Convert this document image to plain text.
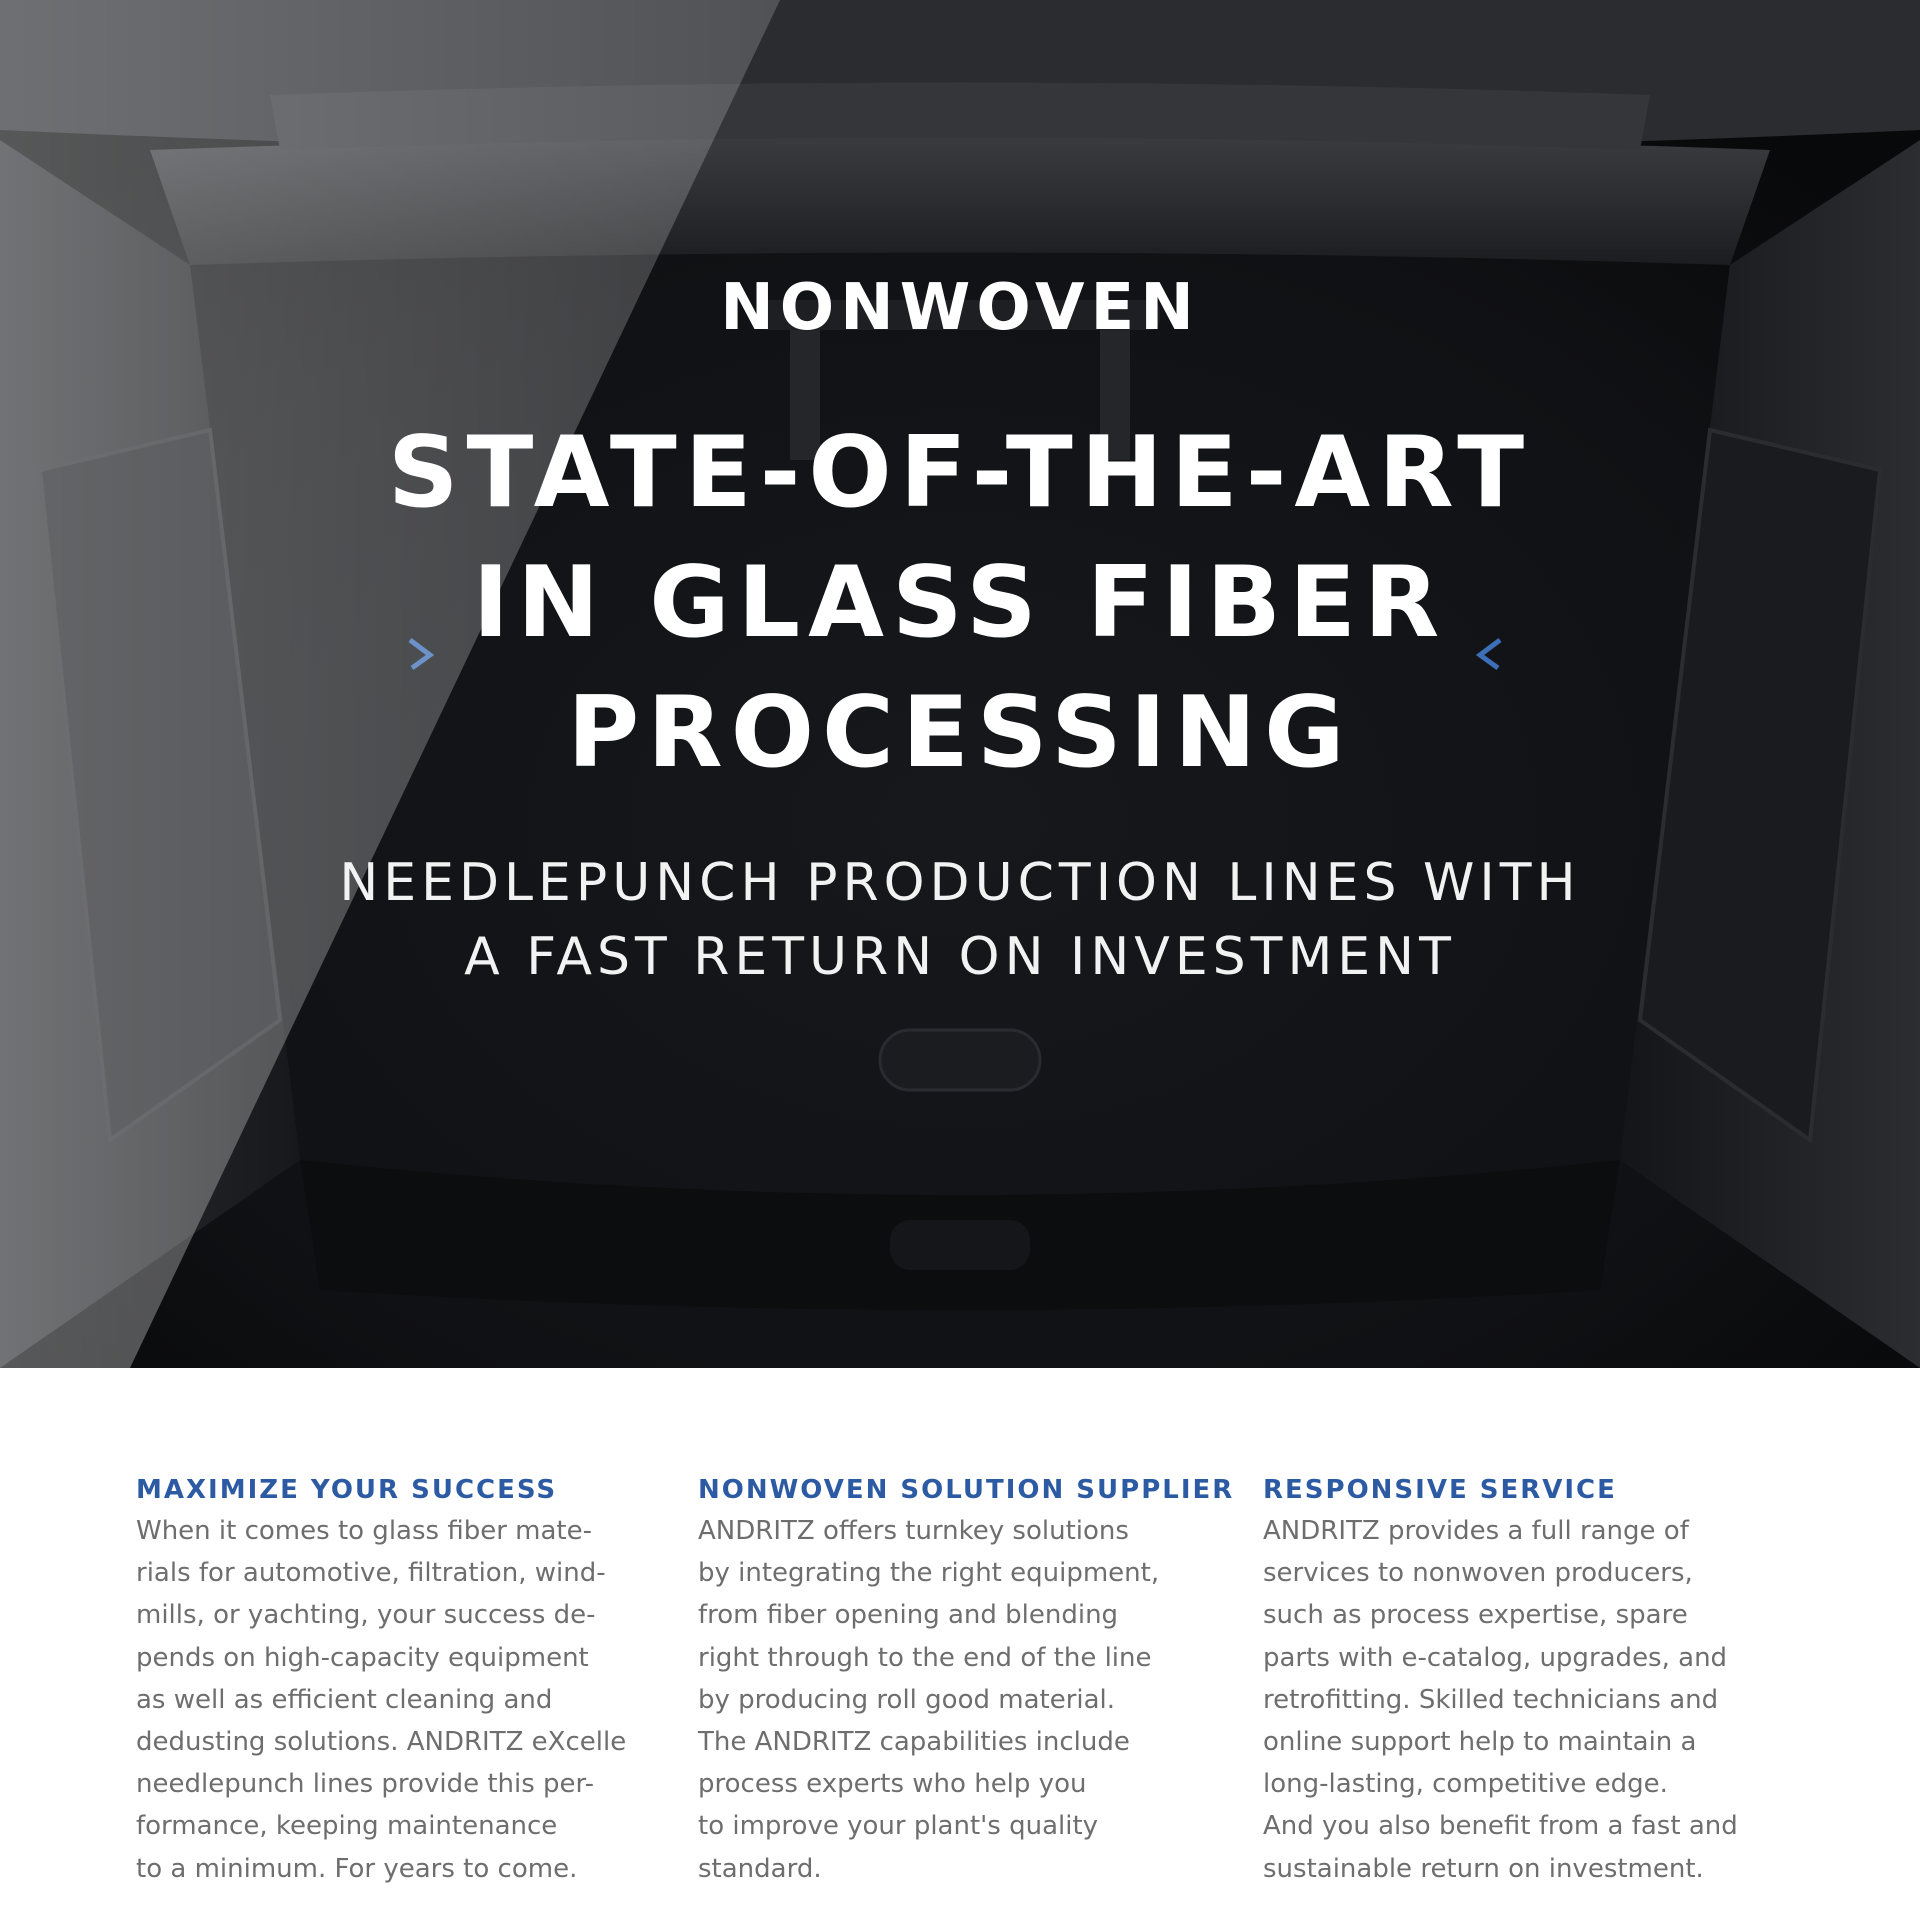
NONWOVEN
STATE-OF-THE-ART
IN GLASS FIBER
PROCESSING
NEEDLEPUNCH PRODUCTION LINES WITH
A FAST RETURN ON INVESTMENT
MAXIMIZE YOUR SUCCESS
When it comes to glass fiber mate-
rials for automotive, filtration, wind-
mills, or yachting, your success de-
pends on high-capacity equipment
as well as efficient cleaning and
dedusting solutions. ANDRITZ eXcelle
needlepunch lines provide this per-
formance, keeping maintenance
to a minimum. For years to come.
NONWOVEN SOLUTION SUPPLIER
ANDRITZ offers turnkey solutions
by integrating the right equipment,
from fiber opening and blending
right through to the end of the line
by producing roll good material.
The ANDRITZ capabilities include
process experts who help you
to improve your plant's quality
standard.
RESPONSIVE SERVICE
ANDRITZ provides a full range of
services to nonwoven producers,
such as process expertise, spare
parts with e-catalog, upgrades, and
retrofitting. Skilled technicians and
online support help to maintain a
long-lasting, competitive edge.
And you also benefit from a fast and
sustainable return on investment.
